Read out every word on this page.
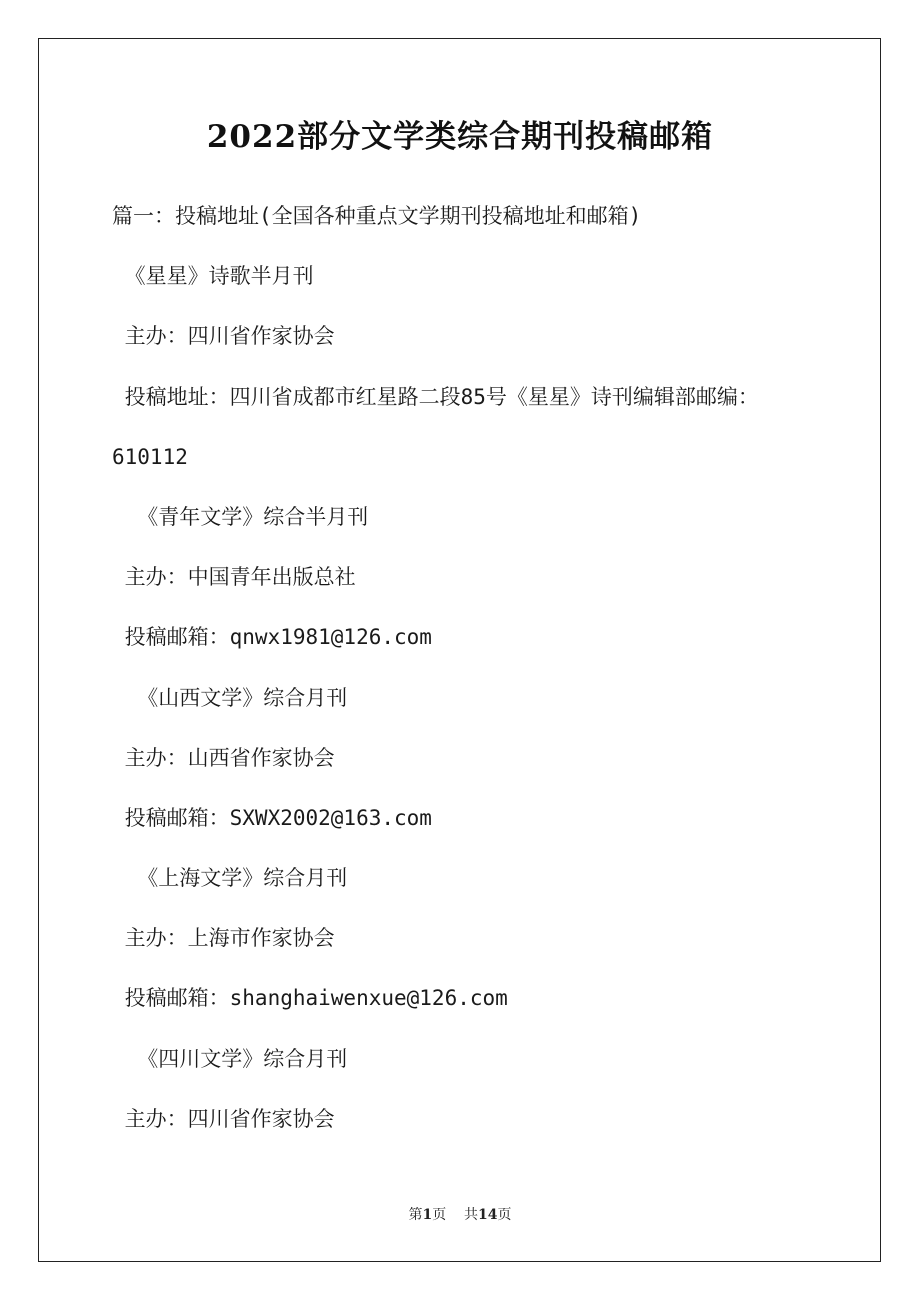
2022部分文学类综合期刊投稿邮箱
篇一：投稿地址(全国各种重点文学期刊投稿地址和邮箱)
《星星》诗歌半月刊
主办：四川省作家协会
投稿地址：四川省成都市红星路二段85号《星星》诗刊编辑部邮编：
610112
《青年文学》综合半月刊
主办：中国青年出版总社
投稿邮箱：qnwx1981@126.com
《山西文学》综合月刊
主办：山西省作家协会
投稿邮箱：SXWX2002@163.com
《上海文学》综合月刊
主办：上海市作家协会
投稿邮箱：shanghaiwenxue@126.com
《四川文学》综合月刊
主办：四川省作家协会
第1页 共14页
